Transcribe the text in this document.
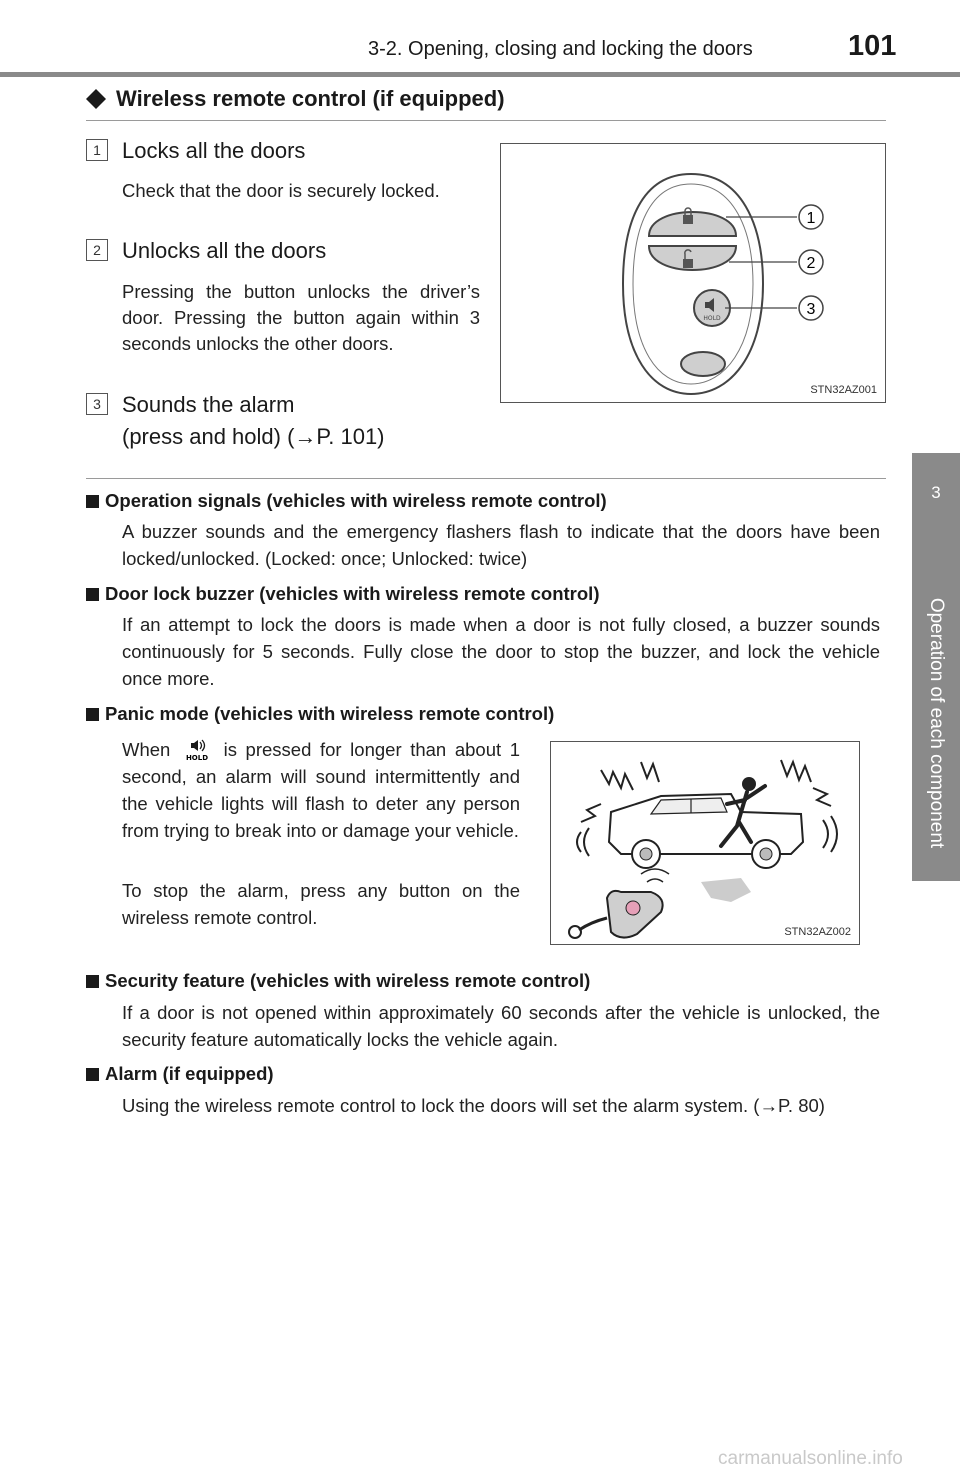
3-2. Opening, closing and locking the doors	101
3
Operation of each component
Wireless remote control (if equipped)
1 Locks all the doors
Check that the door is securely locked.
2 Unlocks all the doors
Pressing the button unlocks the driver’s door. Pressing the button again within 3 seconds unlocks the other doors.
3 Sounds the alarm
(press and hold) (→P. 101)
HOLD
1
2
3
STN32AZ001
Operation signals (vehicles with wireless remote control)
A buzzer sounds and the emergency flashers flash to indicate that the doors have been locked/unlocked. (Locked: once; Unlocked: twice)
Door lock buzzer (vehicles with wireless remote control)
If an attempt to lock the doors is made when a door is not fully closed, a buzzer sounds continuously for 5 seconds. Fully close the door to stop the buzzer, and lock the vehicle once more.
Panic mode (vehicles with wireless remote control)
When HOLD is pressed for longer than about 1 second, an alarm will sound intermittently and the vehicle lights will flash to deter any person from trying to break into or damage your vehicle.
To stop the alarm, press any button on the wireless remote control.
STN32AZ002
Security feature (vehicles with wireless remote control)
If a door is not opened within approximately 60 seconds after the vehicle is unlocked, the security feature automatically locks the vehicle again.
Alarm (if equipped)
Using the wireless remote control to lock the doors will set the alarm system. (→P. 80)
carmanualsonline.info
